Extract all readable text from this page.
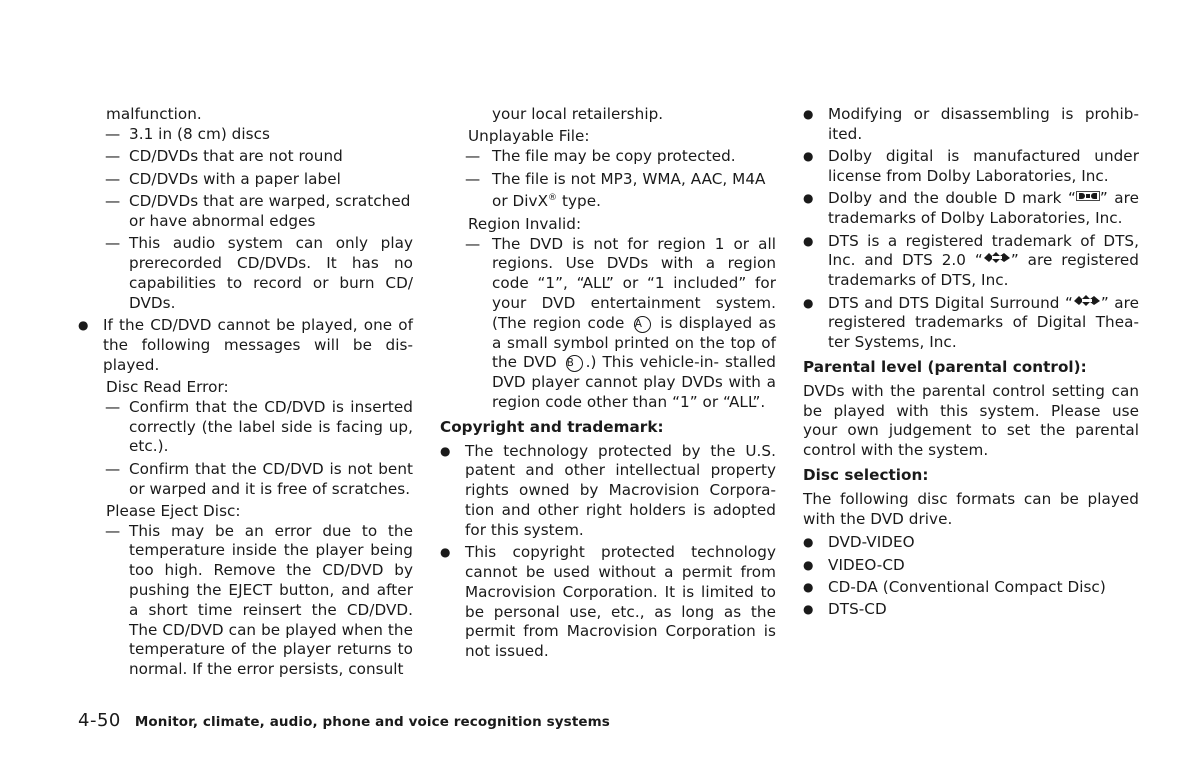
malfunction.

— 3.1 in (8 cm) discs
— CD/DVDs that are not round
— CD/DVDs with a paper label
— CD/DVDs that are warped, scratched or have abnormal edges
— This audio system can only play prerecorded CD/DVDs. It has no capabilities to record or burn CD/ DVDs.
● If the CD/DVD cannot be played, one of the following messages will be dis- played.

Disc Read Error:

— Confirm that the CD/DVD is inserted correctly (the label side is facing up, etc.).
— Confirm that the CD/DVD is not bent or warped and it is free of scratches.

Please Eject Disc:

— This may be an error due to the temperature inside the player being too high. Remove the CD/DVD by pushing the EJECT button, and after a short time reinsert the CD/DVD. The CD/DVD can be played when the temperature of the player returns to normal. If the error persists, consult

your local retailership.

Unplayable File:

— The file may be copy protected.
— The file is not MP3, WMA, AAC, M4A or DivX® type.

Region Invalid:

— The DVD is not for region 1 or all regions. Use DVDs with a region code “1”, “ALL” or “1 included” for your DVD entertainment system. (The region code A is displayed as a small symbol printed on the top of the DVD B .) This vehicle-in- stalled DVD player cannot play DVDs with a region code other than “1” or “ALL”.

Copyright and trademark:

● The technology protected by the U.S. patent and other intellectual property rights owned by Macrovision Corpora- tion and other right holders is adopted for this system.
● This copyright protected technology cannot be used without a permit from Macrovision Corporation. It is limited to be personal use, etc., as long as the permit from Macrovision Corporation is not issued.
● Modifying or disassembling is prohib- ited.
● Dolby digital is manufactured under license from Dolby Laboratories, Inc.
● Dolby and the double D mark “ ” are trademarks of Dolby Laboratories, Inc.
● DTS is a registered trademark of DTS, Inc. and DTS 2.0 “ ” are registered trademarks of DTS, Inc.
● DTS and DTS Digital Surround “ ” are registered trademarks of Digital Thea- ter Systems, Inc.

Parental level (parental control):

DVDs with the parental control setting can be played with this system. Please use your own judgement to set the parental control with the system.

Disc selection:

The following disc formats can be played with the DVD drive.

● DVD-VIDEO
● VIDEO-CD
● CD-DA (Conventional Compact Disc)
● DTS-CD
4-50 Monitor, climate, audio, phone and voice recognition systems
